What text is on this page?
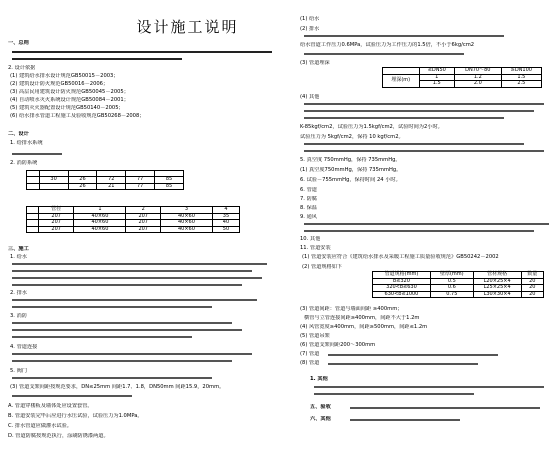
设计施工说明
一、总则
2. 设计依据
(1) 建筑给水排水设计规范GB50015－2003；
(2) 建筑设计防火规范GB50016－2006；
(3) 高层民用建筑设计防火规范GB50045－2005；
(4) 自动喷水灭火系统设计规范GB50084－2001；
(5) 建筑灭火器配置设计规范GB50140－2005；
(6) 给水排水管道工程施工及验收规范GB50268－2008；
二、设计
1. 给排水系统
2. 消防系统

	30	26	72	77	85
		26	21	77	85
	管径	1	2	3	4
	207	40×60	207	40×60	35
	207	40×60	207	40×60	40
	207	40×60	207	40×60	50
三、施工
1. 给水
2. 排水
3. 消防
4. 管道连接
5. 阀门
(3) 管道支架间距按规范要求，DN≤25mm 间距1.7、1.8，DN50mm 间距15.9，20mm。
A. 管道穿楼板及墙体处应设置套管。
B. 管道安装完毕后应进行水压试验，试验压力为1.0MPa。
C. 排水管道应做灌水试验。
D. 管道防腐按规范执行，涂刷防锈漆两道。
(1) 给水
(2) 排水
给水管道工作压力0.6MPa，试验压力为工作压力的1.5倍，不小于6kg/cm2
(3) 管道埋深
	≤DN50	DN70～80	≥DN100
埋深(m)	1	1.2	1.5
	1.5	2.0	2.5
(4) 其他
K-85kgf/cm2，试验压力为1.5kgf/cm2，试验时间为2小时。
试验压力为 5kgf/cm2，保持 10 kgf/cm2。
5. 真空度 750mmHg，保持 735mmHg。
(1) 真空度750mmHg，保持 735mmHg。
6. 试验－755mmHg，保持时间 24 小时。
6. 管道
7. 防腐
8. 保温
9. 通风
10. 其他
11. 管道安装
(1) 管道安装应符合《建筑给水排水及采暖工程施工质量验收规范》GB50242－2002
(2) 管道规格如下
管道规格(mm)	壁厚(mm)	管材规格	数量
b≤320	0.5	L20×25×4	20
320<b≤630	0.6	L25×25×4	20
630<b≤1000	0.75	L30×30×4	20
(3) 管道间距：管道与墙面间距 ≥400mm；
横管与立管连接间距≥400mm，间距不大于1.2m
(4) 风管宽度≥400mm，间距≥500mm，间距≤1.2m
(5) 管道吊架
(6) 管道支架间距200～300mm
(7) 管道
(8) 管道
1. 其他
五、验收
六、其他
